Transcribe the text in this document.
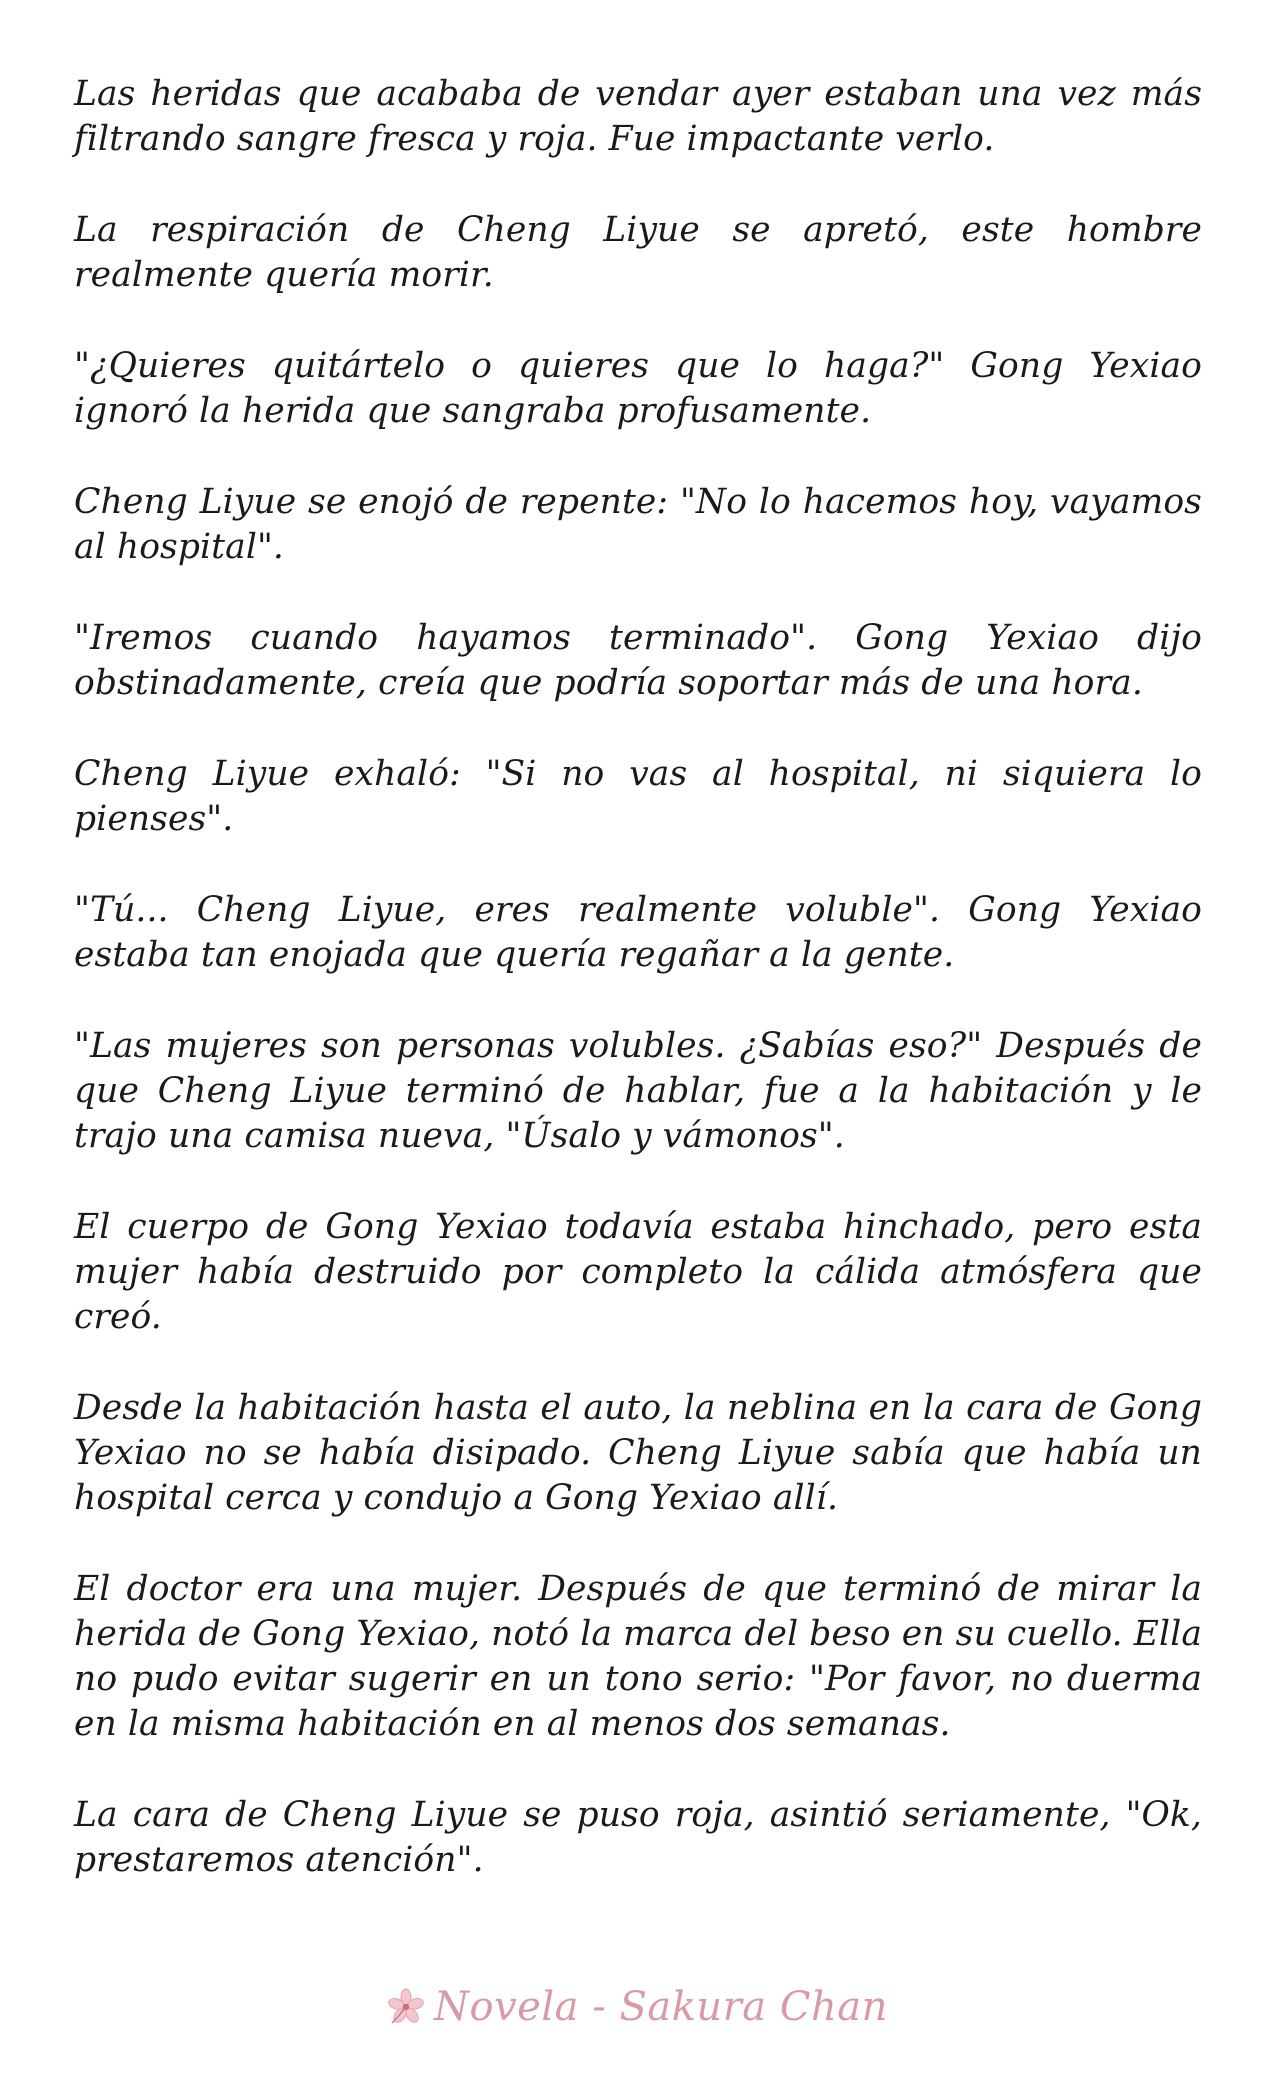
Las heridas que acababa de vendar ayer estaban una vez más filtrando sangre fresca y roja. Fue impactante verlo.

La respiración de Cheng Liyue se apretó, este hombre realmente quería morir.

"¿Quieres quitártelo o quieres que lo haga?" Gong Yexiao ignoró la herida que sangraba profusamente.

Cheng Liyue se enojó de repente: "No lo hacemos hoy, vayamos al hospital".

"Iremos cuando hayamos terminado". Gong Yexiao dijo obstinadamente, creía que podría soportar más de una hora.

Cheng Liyue exhaló: "Si no vas al hospital, ni siquiera lo pienses".

"Tú... Cheng Liyue, eres realmente voluble". Gong Yexiao estaba tan enojada que quería regañar a la gente.

"Las mujeres son personas volubles. ¿Sabías eso?" Después de que Cheng Liyue terminó de hablar, fue a la habitación y le trajo una camisa nueva, "Úsalo y vámonos".

El cuerpo de Gong Yexiao todavía estaba hinchado, pero esta mujer había destruido por completo la cálida atmósfera que creó.

Desde la habitación hasta el auto, la neblina en la cara de Gong Yexiao no se había disipado. Cheng Liyue sabía que había un hospital cerca y condujo a Gong Yexiao allí.

El doctor era una mujer. Después de que terminó de mirar la herida de Gong Yexiao, notó la marca del beso en su cuello. Ella no pudo evitar sugerir en un tono serio: "Por favor, no duerma en la misma habitación en al menos dos semanas.

La cara de Cheng Liyue se puso roja, asintió seriamente, "Ok, prestaremos atención".

Novela - Sakura Chan
